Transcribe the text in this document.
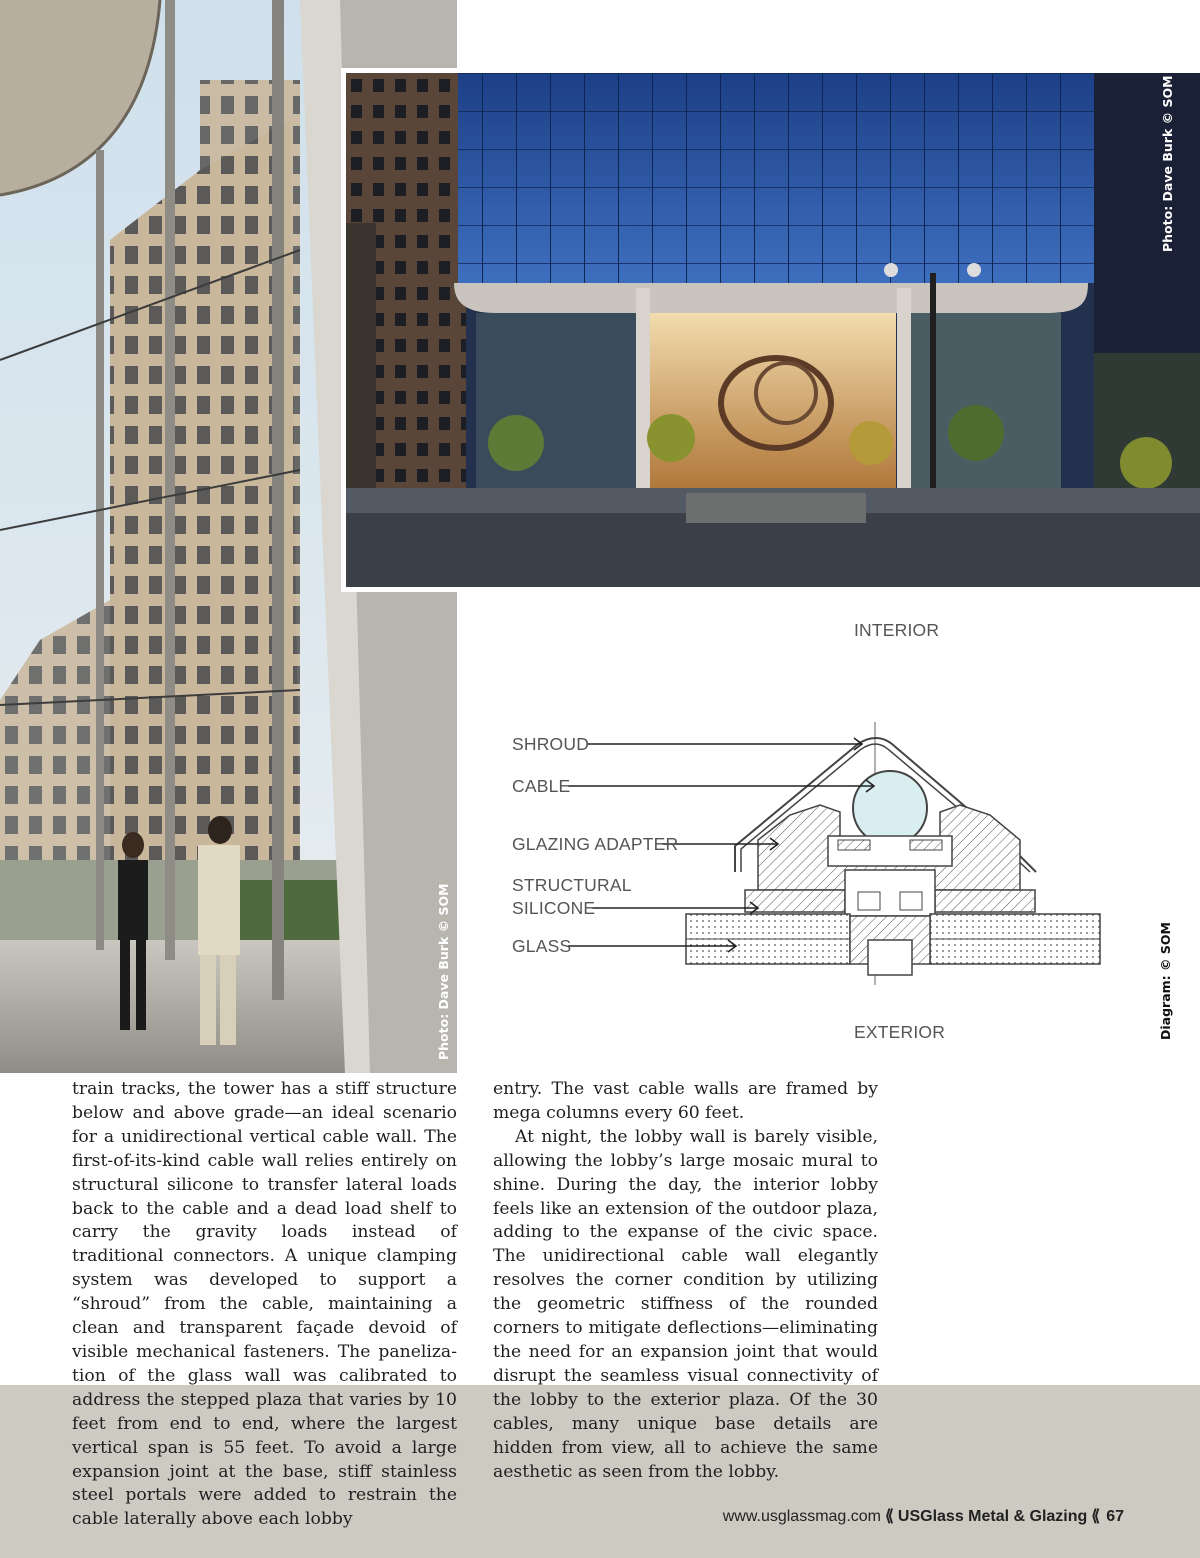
Photo: Dave Burk © SOM
Photo: Dave Burk © SOM
INTERIOR
SHROUD
CABLE
GLAZING ADAPTER
STRUCTURAL
SILICONE
GLASS
EXTERIOR	Diagram: © SOM

train tracks, the tower has a stiff structure below and above grade—an ideal scenario for a unidirectional vertical cable wall. The first-of-its-kind cable wall relies entirely on structural silicone to transfer lateral loads back to the cable and a dead load shelf to carry the gravity loads instead of traditional connectors. A unique clamping system was developed to support a “shroud” from the cable, maintaining a clean and transparent façade devoid of visible mechanical fasteners. The panelization of the glass wall was calibrated to address the stepped plaza that varies by 10 feet from end to end, where the largest vertical span is 55 feet. To avoid a large expansion joint at the base, stiff stainless steel portals were added to restrain the cable laterally above each lobby

entry. The vast cable walls are framed by mega columns every 60 feet.

At night, the lobby wall is barely visible, allowing the lobby’s large mosaic mural to shine. During the day, the interior lobby feels like an extension of the outdoor plaza, adding to the expanse of the civic space. The unidirectional cable wall elegantly resolves the corner condition by utilizing the geometric stiffness of the rounded corners to mitigate deflections—eliminating the need for an expansion joint that would disrupt the seamless visual connectivity of the lobby to the exterior plaza. Of the 30 cables, many unique base details are hidden from view, all to achieve the same aesthetic as seen from the lobby.

www.usglassmag.com ⟪ USGlass Metal & Glazing ⟪ 67
